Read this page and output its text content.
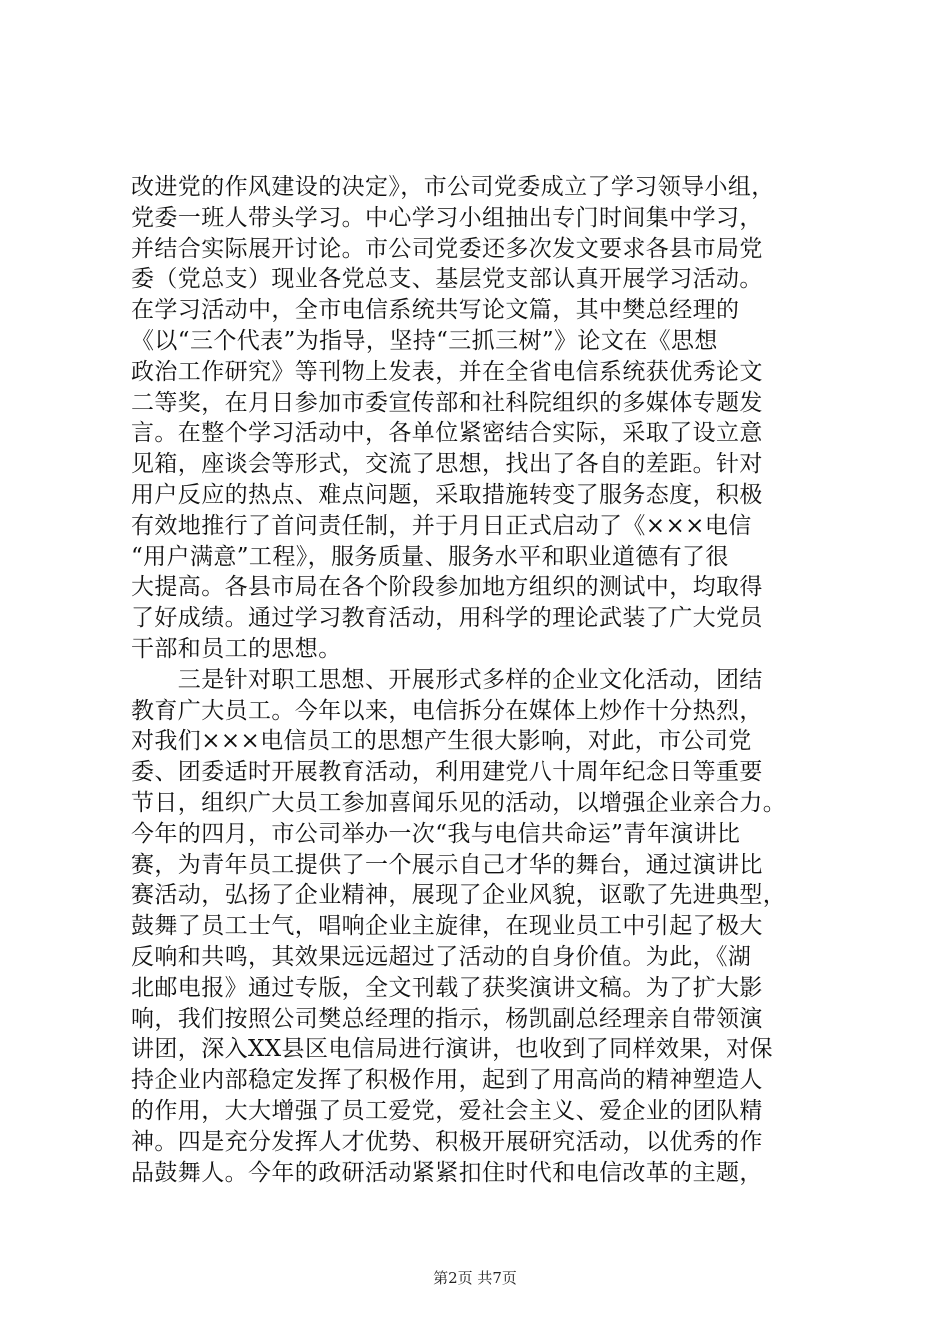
改进党的作风建设的决定》，市公司党委成立了学习领导小组，
党委一班人带头学习。中心学习小组抽出专门时间集中学习，
并结合实际展开讨论。市公司党委还多次发文要求各县市局党
委（党总支）现业各党总支、基层党支部认真开展学习活动。
在学习活动中，全市电信系统共写论文篇，其中樊总经理的
《以“三个代表”为指导，坚持“三抓三树”》论文在《思想
政治工作研究》等刊物上发表，并在全省电信系统获优秀论文
二等奖，在月日参加市委宣传部和社科院组织的多媒体专题发
言。在整个学习活动中，各单位紧密结合实际，采取了设立意
见箱，座谈会等形式，交流了思想，找出了各自的差距。针对
用户反应的热点、难点问题，采取措施转变了服务态度，积极
有效地推行了首问责任制，并于月日正式启动了《×××电信
“用户满意”工程》，服务质量、服务水平和职业道德有了很
大提高。各县市局在各个阶段参加地方组织的测试中，均取得
了好成绩。通过学习教育活动，用科学的理论武装了广大党员
干部和员工的思想。
　　三是针对职工思想、开展形式多样的企业文化活动，团结
教育广大员工。今年以来，电信拆分在媒体上炒作十分热烈，
对我们×××电信员工的思想产生很大影响，对此，市公司党
委、团委适时开展教育活动，利用建党八十周年纪念日等重要
节日，组织广大员工参加喜闻乐见的活动，以增强企业亲合力。
今年的四月，市公司举办一次“我与电信共命运”青年演讲比
赛，为青年员工提供了一个展示自己才华的舞台，通过演讲比
赛活动，弘扬了企业精神，展现了企业风貌，讴歌了先进典型，
鼓舞了员工士气，唱响企业主旋律，在现业员工中引起了极大
反响和共鸣，其效果远远超过了活动的自身价值。为此，《湖
北邮电报》通过专版，全文刊载了获奖演讲文稿。为了扩大影
响，我们按照公司樊总经理的指示，杨凯副总经理亲自带领演
讲团，深入XX县区电信局进行演讲，也收到了同样效果，对保
持企业内部稳定发挥了积极作用，起到了用高尚的精神塑造人
的作用，大大增强了员工爱党，爱社会主义、爱企业的团队精
神。四是充分发挥人才优势、积极开展研究活动，以优秀的作
品鼓舞人。今年的政研活动紧紧扣住时代和电信改革的主题，
第2页 共7页
